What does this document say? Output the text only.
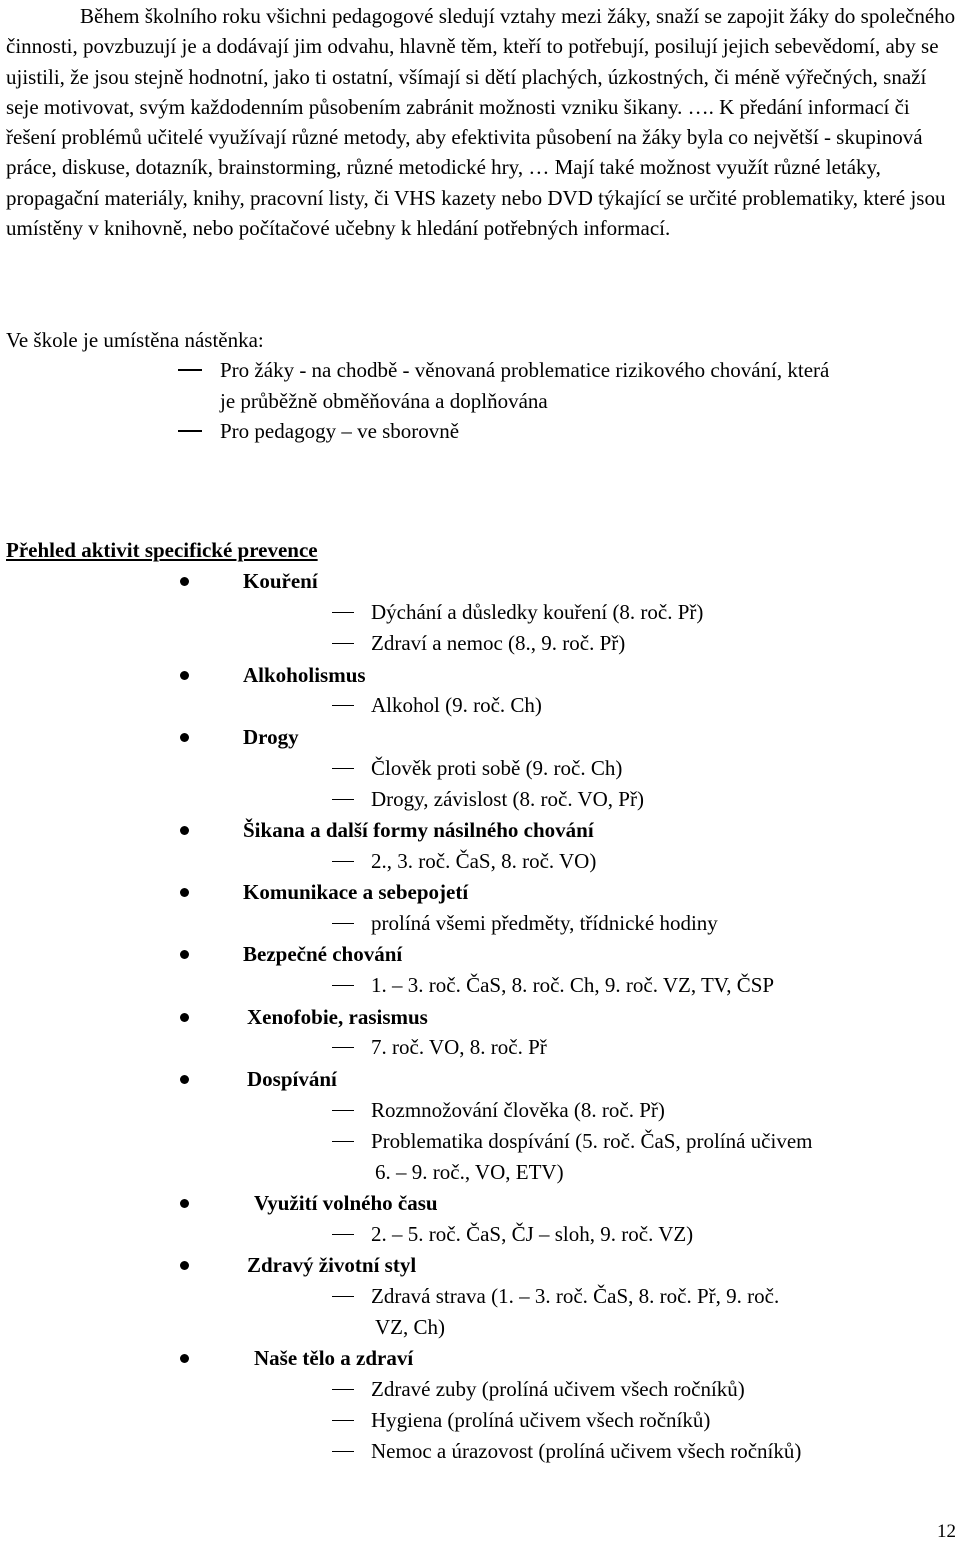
Během školního roku všichni pedagogové sledují vztahy mezi žáky, snaží se zapojit žáky do společného činnosti, povzbuzují je a dodávají jim odvahu, hlavně těm, kteří to potřebují, posilují jejich sebevědomí, aby se ujistili, že jsou stejně hodnotní, jako ti ostatní, všímají si dětí plachých, úzkostných, či méně výřečných, snaží seje motivovat, svým každodenním působením zabránit možnosti vzniku šikany. …. K předání informací či řešení problémů učitelé využívají různé metody, aby efektivita působení na žáky byla co největší - skupinová práce, diskuse, dotazník, brainstorming, různé metodické hry, … Mají také možnost využít různé letáky, propagační materiály, knihy, pracovní listy, či VHS kazety nebo DVD týkající se určité problematiky, které jsou umístěny v knihovně, nebo počítačové učebny k hledání potřebných informací.

Ve škole je umístěna nástěnka:
Pro žáky - na chodbě - věnovaná problematice rizikového chování, která
je průběžně obměňována a doplňována
Pro pedagogy – ve sborovně
Přehled aktivit specifické prevence
Kouření
Dýchání a důsledky kouření (8. roč. Př)
Zdraví a nemoc (8., 9. roč. Př)
Alkoholismus
Alkohol (9. roč. Ch)
Drogy
Člověk proti sobě (9. roč. Ch)
Drogy, závislost (8. roč. VO, Př)
Šikana a další formy násilného chování
2., 3. roč. ČaS, 8. roč. VO)
Komunikace a sebepojetí
prolíná všemi předměty, třídnické hodiny
Bezpečné chování
1. – 3. roč. ČaS, 8. roč. Ch, 9. roč. VZ, TV, ČSP
Xenofobie, rasismus
7. roč. VO, 8. roč. Př
Dospívání
Rozmnožování člověka (8. roč. Př)
Problematika dospívání (5. roč. ČaS, prolíná učivem
6. – 9. roč., VO, ETV)
Využití volného času
2. – 5. roč. ČaS, ČJ – sloh, 9. roč. VZ)
Zdravý životní styl
Zdravá strava (1. – 3. roč. ČaS, 8. roč. Př, 9. roč.
VZ, Ch)
Naše tělo a zdraví
Zdravé zuby (prolíná učivem všech ročníků)
Hygiena (prolíná učivem všech ročníků)
Nemoc a úrazovost (prolíná učivem všech ročníků)
12
